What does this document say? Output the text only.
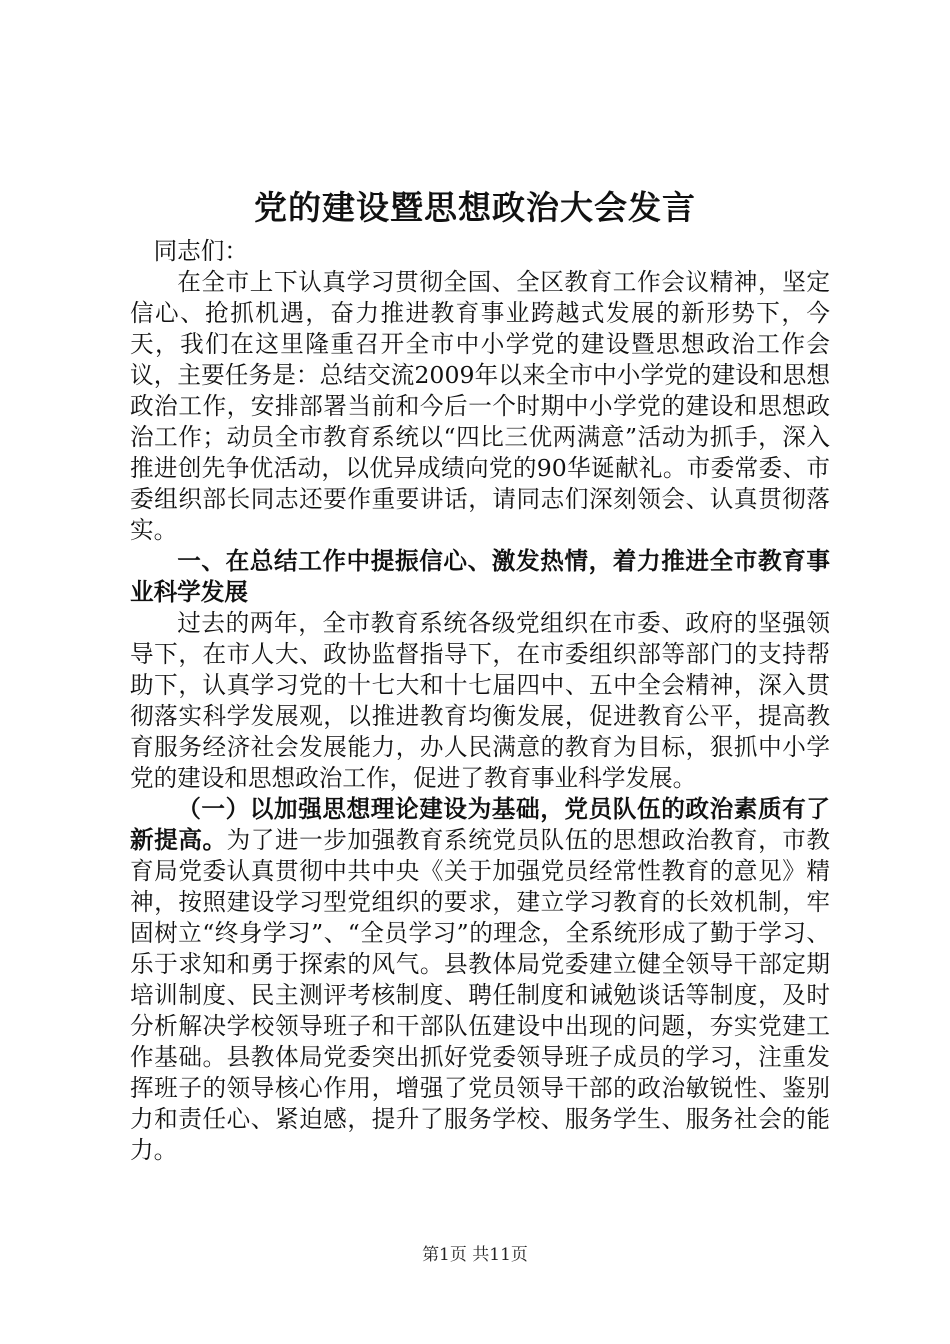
党的建设暨思想政治大会发言

同志们：

在全市上下认真学习贯彻全国、全区教育工作会议精神，坚定信心、抢抓机遇，奋力推进教育事业跨越式发展的新形势下，今天，我们在这里隆重召开全市中小学党的建设暨思想政治工作会议，主要任务是：总结交流2009年以来全市中小学党的建设和思想政治工作，安排部署当前和今后一个时期中小学党的建设和思想政治工作；动员全市教育系统以“四比三优两满意”活动为抓手，深入推进创先争优活动，以优异成绩向党的90华诞献礼。市委常委、市委组织部长同志还要作重要讲话，请同志们深刻领会、认真贯彻落实。

一、在总结工作中提振信心、激发热情，着力推进全市教育事业科学发展

过去的两年，全市教育系统各级党组织在市委、政府的坚强领导下，在市人大、政协监督指导下，在市委组织部等部门的支持帮助下，认真学习党的十七大和十七届四中、五中全会精神，深入贯彻落实科学发展观，以推进教育均衡发展，促进教育公平，提高教育服务经济社会发展能力，办人民满意的教育为目标，狠抓中小学党的建设和思想政治工作，促进了教育事业科学发展。

（一）以加强思想理论建设为基础，党员队伍的政治素质有了新提高。为了进一步加强教育系统党员队伍的思想政治教育，市教育局党委认真贯彻中共中央《关于加强党员经常性教育的意见》精神，按照建设学习型党组织的要求，建立学习教育的长效机制，牢固树立“终身学习”、“全员学习”的理念，全系统形成了勤于学习、乐于求知和勇于探索的风气。县教体局党委建立健全领导干部定期培训制度、民主测评考核制度、聘任制度和诫勉谈话等制度，及时分析解决学校领导班子和干部队伍建设中出现的问题，夯实党建工作基础。县教体局党委突出抓好党委领导班子成员的学习，注重发挥班子的领导核心作用，增强了党员领导干部的政治敏锐性、鉴别力和责任心、紧迫感，提升了服务学校、服务学生、服务社会的能力。

第1页 共11页
